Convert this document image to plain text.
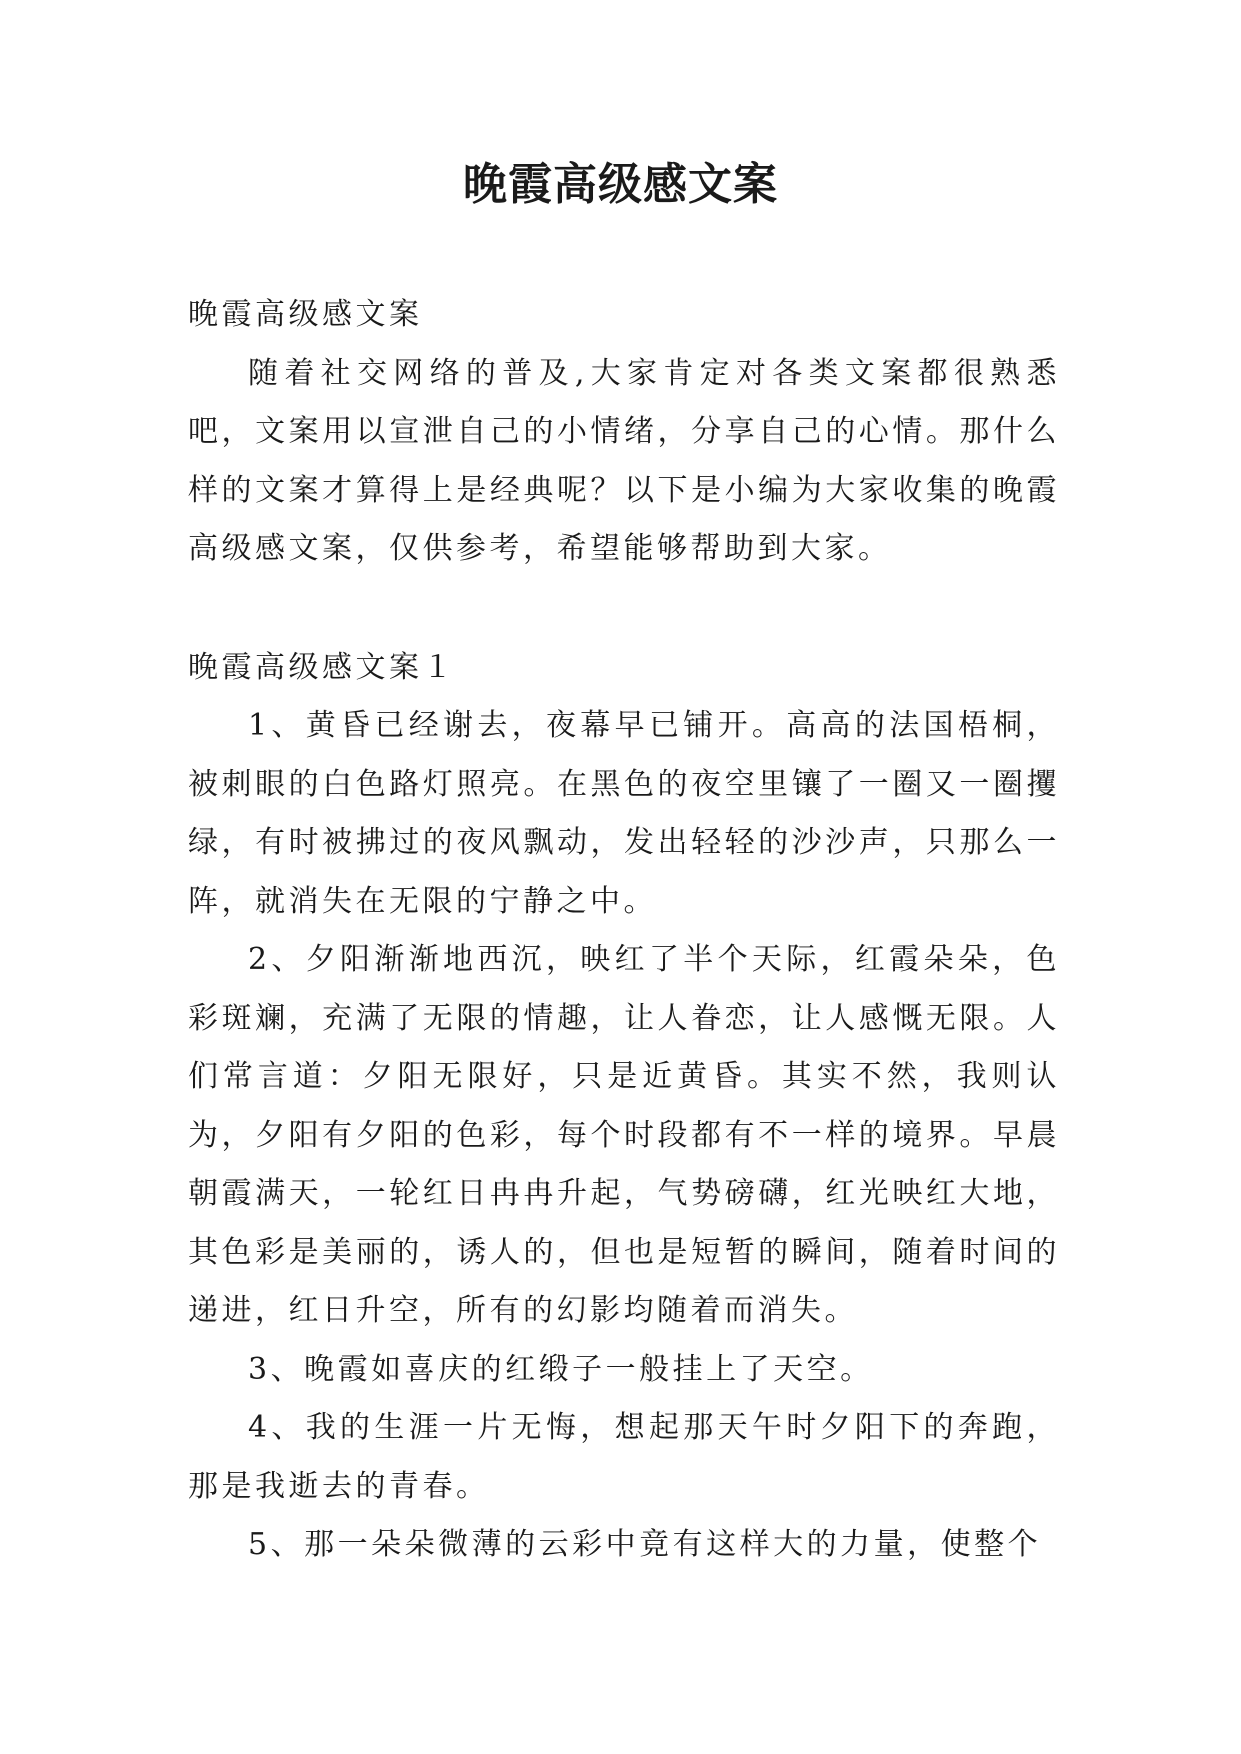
晚霞高级感文案

晚霞高级感文案

随着社交网络的普及,大家肯定对各类文案都很熟悉吧，文案用以宣泄自己的小情绪，分享自己的心情。那什么样的文案才算得上是经典呢？以下是小编为大家收集的晚霞高级感文案，仅供参考，希望能够帮助到大家。

晚霞高级感文案１

1、黄昏已经谢去，夜幕早已铺开。高高的法国梧桐，被刺眼的白色路灯照亮。在黑色的夜空里镶了一圈又一圈攫绿，有时被拂过的夜风飘动，发出轻轻的沙沙声，只那么一阵，就消失在无限的宁静之中。

2、夕阳渐渐地西沉，映红了半个天际，红霞朵朵，色彩斑斓，充满了无限的情趣，让人眷恋，让人感慨无限。人们常言道：夕阳无限好，只是近黄昏。其实不然，我则认为，夕阳有夕阳的色彩，每个时段都有不一样的境界。早晨朝霞满天，一轮红日冉冉升起，气势磅礴，红光映红大地，其色彩是美丽的，诱人的，但也是短暂的瞬间，随着时间的递进，红日升空，所有的幻影均随着而消失。

3、晚霞如喜庆的红缎子一般挂上了天空。

4、我的生涯一片无悔，想起那天午时夕阳下的奔跑，那是我逝去的青春。

5、那一朵朵微薄的云彩中竟有这样大的力量，使整个
